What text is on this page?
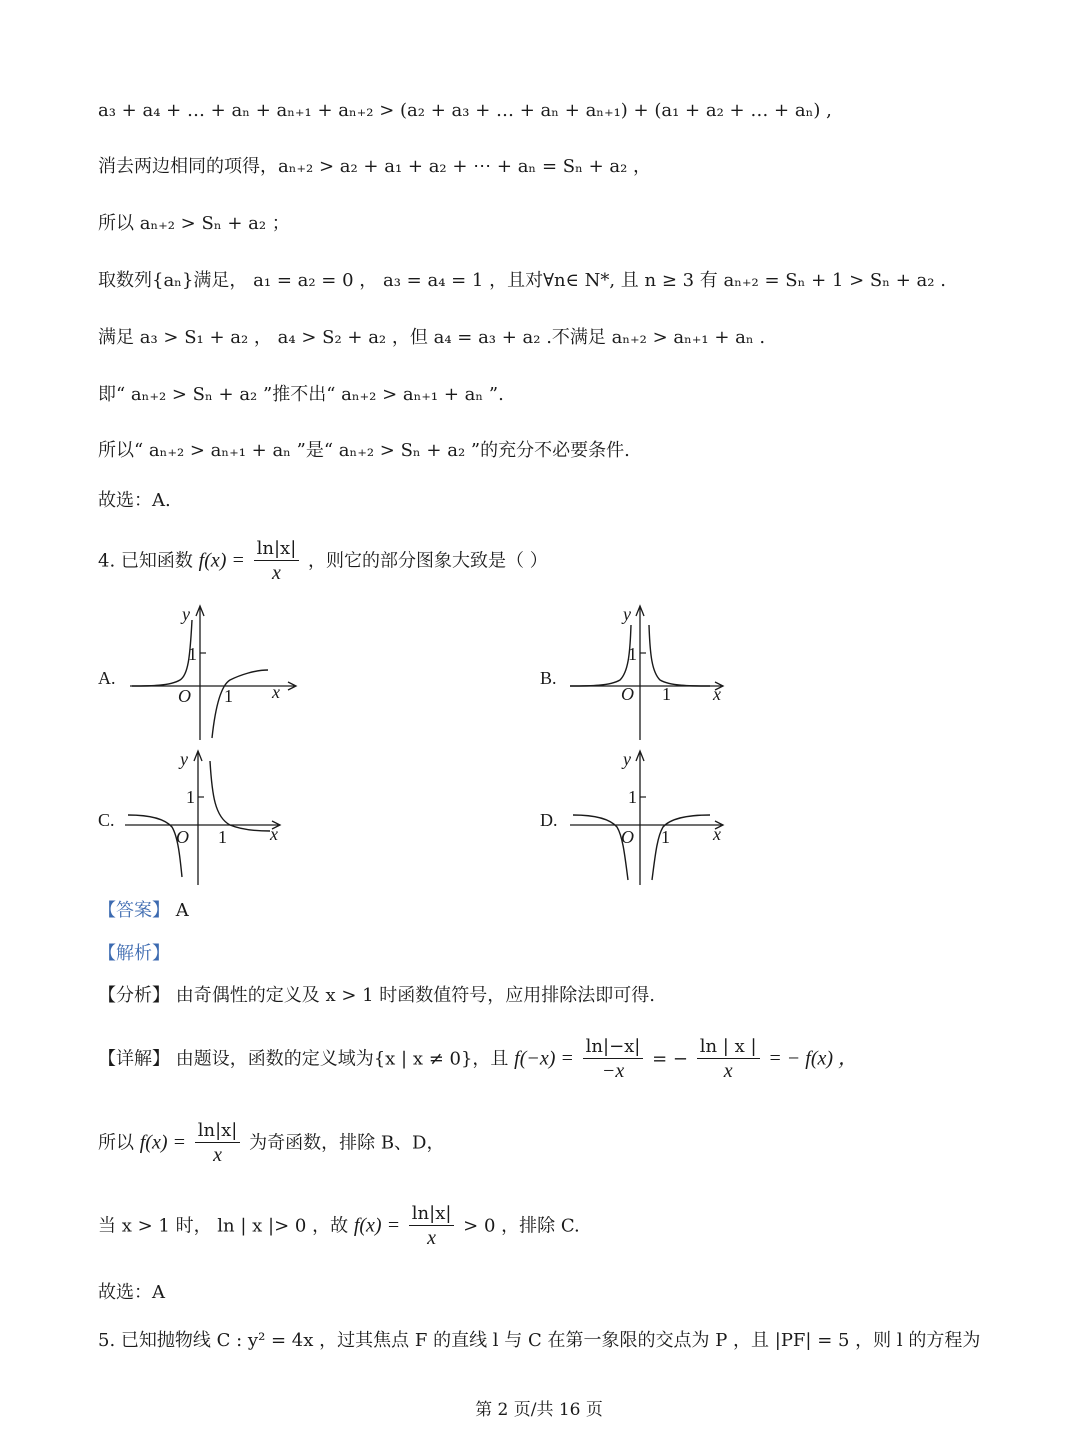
a₃ + a₄ + … + aₙ + aₙ₊₁ + aₙ₊₂ > (a₂ + a₃ + … + aₙ + aₙ₊₁) + (a₁ + a₂ + … + aₙ) ,
消去两边相同的项得，aₙ₊₂ > a₂ + a₁ + a₂ + ⋯ + aₙ = Sₙ + a₂ ，
所以 aₙ₊₂ > Sₙ + a₂ ；
取数列{aₙ}满足， a₁ = a₂ = 0 ， a₃ = a₄ = 1 ，且对∀n∈ N*, 且 n ≥ 3 有 aₙ₊₂ = Sₙ + 1 > Sₙ + a₂ .
满足 a₃ > S₁ + a₂ ， a₄ > S₂ + a₂ ，但 a₄ = a₃ + a₂ .不满足 aₙ₊₂ > aₙ₊₁ + aₙ .
即“ aₙ₊₂ > Sₙ + a₂ ”推不出“ aₙ₊₂ > aₙ₊₁ + aₙ ”.
所以“ aₙ₊₂ > aₙ₊₁ + aₙ ”是“ aₙ₊₂ > Sₙ + a₂ ”的充分不必要条件.
故选：A.
4. 已知函数 $f(x) = \frac{\ln|x|}{x}$ ，则它的部分图象大致是（ ）
A.	B.
C.	D.
y
x
O
1
1
y
x
O
1
1
y
x
O
1
1
y
x
O
1
1
【答案】 A
【解析】
【分析】 由奇偶性的定义及 x > 1 时函数值符号，应用排除法即可得.
【详解】 由题设，函数的定义域为{x | x ≠ 0}，且 $f(-x) = \frac{\ln|-x|}{-x}$ = − $\frac{\ln | x |}{x}$ = − f(x) ，
所以 $f(x) = \frac{\ln|x|}{x}$ 为奇函数，排除 B、D，
当 x > 1 时， ln | x |> 0 ，故 $f(x) = \frac{\ln|x|}{x} > 0$ ，排除 C.
故选：A
5. 已知抛物线 C : y² = 4x ，过其焦点 F 的直线 l 与 C 在第一象限的交点为 P ，且 |PF| = 5 ，则 l 的方程为
第 2 页/共 16 页
